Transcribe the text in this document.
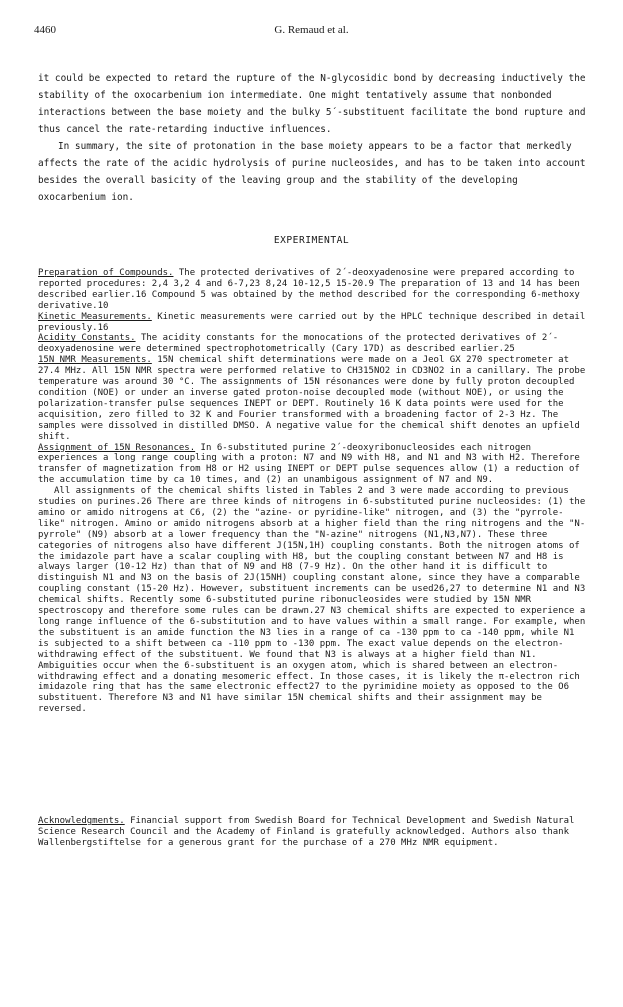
4460	G. Remaud et al.

it could be expected to retard the rupture of the N-glycosidic bond by decreasing inductively the stability of the oxocarbenium ion intermediate. One might tentatively assume that nonbonded interactions between the base moiety and the bulky 5´-substituent facilitate the bond rupture and thus cancel the rate-retarding inductive influences.

In summary, the site of protonation in the base moiety appears to be a factor that merkedly affects the rate of the acidic hydrolysis of purine nucleosides, and has to be taken into account besides the overall basicity of the leaving group and the stability of the developing oxocarbenium ion.

EXPERIMENTAL

Preparation of Compounds. The protected derivatives of 2´-deoxyadenosine were prepared according to reported procedures: 2,4 3,2 4 and 6-7,23 8,24 10-12,5 15-20.9 The preparation of 13 and 14 has been described earlier.16 Compound 5 was obtained by the method described for the corresponding 6-methoxy derivative.10

Kinetic Measurements. Kinetic measurements were carried out by the HPLC technique described in detail previously.16

Acidity Constants. The acidity constants for the monocations of the protected derivatives of 2´-deoxyadenosine were determined spectrophotometrically (Cary 17D) as described earlier.25

15N NMR Measurements. 15N chemical shift determinations were made on a Jeol GX 270 spectrometer at 27.4 MHz. All 15N NMR spectra were performed relative to CH315NO2 in CD3NO2 in a canillary. The probe temperature was around 30 °C. The assignments of 15N résonances were done by fully proton decoupled condition (NOE) or under an inverse gated proton-noise decoupled mode (without NOE), or using the polarization-transfer pulse sequences INEPT or DEPT. Routinely 16 K data points were used for the acquisition, zero filled to 32 K and Fourier transformed with a broadening factor of 2-3 Hz. The samples were dissolved in distilled DMSO. A negative value for the chemical shift denotes an upfield shift.

Assignment of 15N Resonances. In 6-substituted purine 2´-deoxyribonucleosides each nitrogen experiences a long range coupling with a proton: N7 and N9 with H8, and N1 and N3 with H2. Therefore transfer of magnetization from H8 or H2 using INEPT or DEPT pulse sequences allow (1) a reduction of the accumulation time by ca 10 times, and (2) an unambigous assignment of N7 and N9.

All assignments of the chemical shifts listed in Tables 2 and 3 were made according to previous studies on purines.26 There are three kinds of nitrogens in 6-substituted purine nucleosides: (1) the amino or amido nitrogens at C6, (2) the "azine- or pyridine-like" nitrogen, and (3) the "pyrrole-like" nitrogen. Amino or amido nitrogens absorb at a higher field than the ring nitrogens and the "N-pyrrole" (N9) absorb at a lower frequency than the "N-azine" nitrogens (N1,N3,N7). These three categories of nitrogens also have different J(15N,1H) coupling constants. Both the nitrogen atoms of the imidazole part have a scalar coupling with H8, but the coupling constant between N7 and H8 is always larger (10-12 Hz) than that of N9 and H8 (7-9 Hz). On the other hand it is difficult to distinguish N1 and N3 on the basis of 2J(15NH) coupling constant alone, since they have a comparable coupling constant (15-20 Hz). However, substituent increments can be used26,27 to determine N1 and N3 chemical shifts. Recently some 6-substituted purine ribonucleosides were studied by 15N NMR spectroscopy and therefore some rules can be drawn.27 N3 chemical shifts are expected to experience a long range influence of the 6-substitution and to have values within a small range. For example, when the substituent is an amide function the N3 lies in a range of ca -130 ppm to ca -140 ppm, while N1 is subjected to a shift between ca -110 ppm to -130 ppm. The exact value depends on the electron-withdrawing effect of the substituent. We found that N3 is always at a higher field than N1. Ambiguities occur when the 6-substituent is an oxygen atom, which is shared between an electron-withdrawing effect and a donating mesomeric effect. In those cases, it is likely the π-electron rich imidazole ring that has the same electronic effect27 to the pyrimidine moiety as opposed to the O6 substituent. Therefore N3 and N1 have similar 15N chemical shifts and their assignment may be reversed.

Acknowledgments. Financial support from Swedish Board for Technical Development and Swedish Natural Science Research Council and the Academy of Finland is gratefully acknowledged. Authors also thank Wallenbergstiftelse for a generous grant for the purchase of a 270 MHz NMR equipment.
